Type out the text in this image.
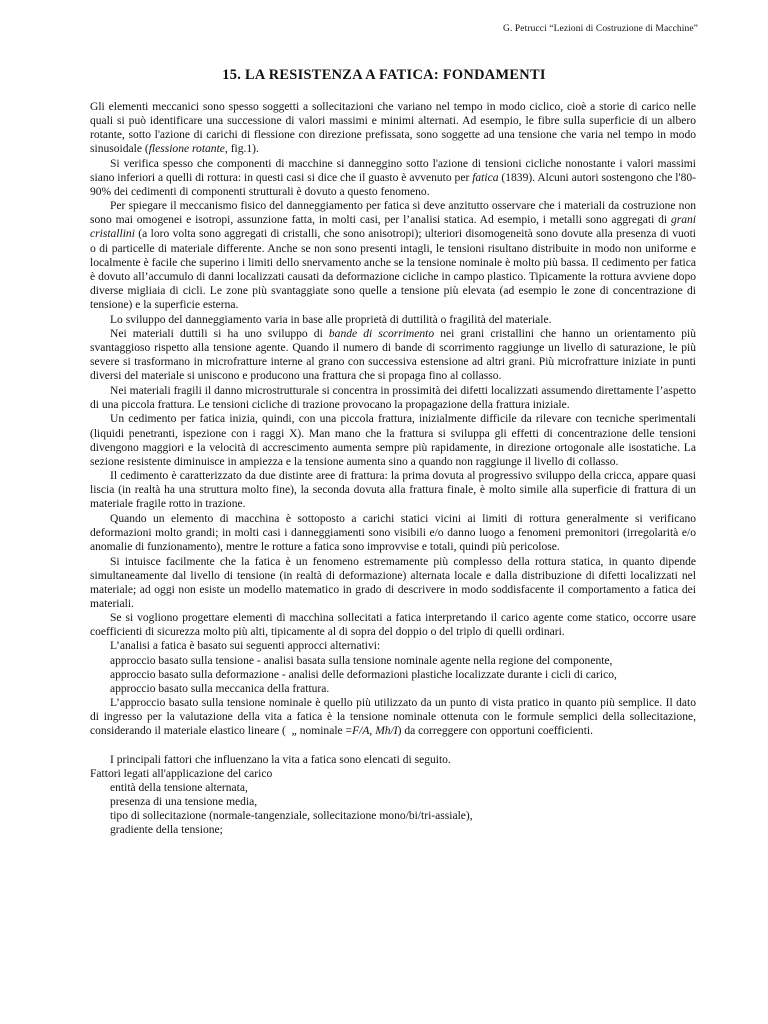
G. Petrucci “Lezioni di Costruzione di Macchine”
15. LA RESISTENZA A FATICA: FONDAMENTI

Gli elementi meccanici sono spesso soggetti a sollecitazioni che variano nel tempo in modo ciclico, cioè a storie di carico nelle quali si può identificare una successione di valori massimi e minimi alternati. Ad esempio, le fibre sulla superficie di un albero rotante, sotto l'azione di carichi di flessione con direzione prefissata, sono soggette ad una tensione che varia nel tempo in modo sinusoidale (flessione rotante, fig.1).

Si verifica spesso che componenti di macchine si danneggino sotto l'azione di tensioni cicliche nonostante i valori massimi siano inferiori a quelli di rottura: in questi casi si dice che il guasto è avvenuto per fatica (1839). Alcuni autori sostengono che l'80-90% dei cedimenti di componenti strutturali è dovuto a questo fenomeno.

Per spiegare il meccanismo fisico del danneggiamento per fatica si deve anzitutto osservare che i materiali da costruzione non sono mai omogenei e isotropi, assunzione fatta, in molti casi, per l’analisi statica. Ad esempio, i metalli sono aggregati di grani cristallini (a loro volta sono aggregati di cristalli, che sono anisotropi); ulteriori disomogeneità sono dovute alla presenza di vuoti o di particelle di materiale differente. Anche se non sono presenti intagli, le tensioni risultano distribuite in modo non uniforme e localmente è facile che superino i limiti dello snervamento anche se la tensione nominale è molto più bassa. Il cedimento per fatica è dovuto all’accumulo di danni localizzati causati da deformazione cicliche in campo plastico. Tipicamente la rottura avviene dopo diverse migliaia di cicli. Le zone più svantaggiate sono quelle a tensione più elevata (ad esempio le zone di concentrazione di tensione) e la superficie esterna.

Lo sviluppo del danneggiamento varia in base alle proprietà di duttilità o fragilità del materiale.

Nei materiali duttili si ha uno sviluppo di bande di scorrimento nei grani cristallini che hanno un orientamento più svantaggioso rispetto alla tensione agente. Quando il numero di bande di scorrimento raggiunge un livello di saturazione, le più severe si trasformano in microfratture interne al grano con successiva estensione ad altri grani. Più microfratture iniziate in punti diversi del materiale si uniscono e producono una frattura che si propaga fino al collasso.

Nei materiali fragili il danno microstrutturale si concentra in prossimità dei difetti localizzati assumendo direttamente l’aspetto di una piccola frattura. Le tensioni cicliche di trazione provocano la propagazione della frattura iniziale.

Un cedimento per fatica inizia, quindi, con una piccola frattura, inizialmente difficile da rilevare con tecniche sperimentali (liquidi penetranti, ispezione con i raggi X). Man mano che la frattura si sviluppa gli effetti di concentrazione delle tensioni divengono maggiori e la velocità di accrescimento aumenta sempre più rapidamente, in direzione ortogonale alle isostatiche. La sezione resistente diminuisce in ampiezza e la tensione aumenta sino a quando non raggiunge il livello di collasso.

Il cedimento è caratterizzato da due distinte aree di frattura: la prima dovuta al progressivo sviluppo della cricca, appare quasi liscia (in realtà ha una struttura molto fine), la seconda dovuta alla frattura finale, è molto simile alla superficie di frattura di un materiale fragile rotto in trazione.

Quando un elemento di macchina è sottoposto a carichi statici vicini ai limiti di rottura generalmente si verificano deformazioni molto grandi; in molti casi i danneggiamenti sono visibili e/o danno luogo a fenomeni premonitori (irregolarità e/o anomalie di funzionamento), mentre le rotture a fatica sono improvvise e totali, quindi più pericolose.

Si intuisce facilmente che la fatica è un fenomeno estremamente più complesso della rottura statica, in quanto dipende simultaneamente dal livello di tensione (in realtà di deformazione) alternata locale e dalla distribuzione di difetti localizzati nel materiale; ad oggi non esiste un modello matematico in grado di descrivere in modo soddisfacente il comportamento a fatica dei materiali.

Se si vogliono progettare elementi di macchina sollecitati a fatica interpretando il carico agente come statico, occorre usare coefficienti di sicurezza molto più alti, tipicamente al di sopra del doppio o del triplo di quelli ordinari.

L’analisi a fatica è basato sui seguenti approcci alternativi:

approccio basato sulla tensione - analisi basata sulla tensione nominale agente nella regione del componente,

approccio basato sulla deformazione - analisi delle deformazioni plastiche localizzate durante i cicli di carico,

approccio basato sulla meccanica della frattura.

L’approccio basato sulla tensione nominale è quello più utilizzato da un punto di vista pratico in quanto più semplice. Il dato di ingresso per la valutazione della vita a fatica è la tensione nominale ottenuta con le formule semplici della sollecitazione, considerando il materiale elastico lineare ( „ nominale =F/A, Mh/I) da correggere con opportuni coefficienti.

I principali fattori che influenzano la vita a fatica sono elencati di seguito.

Fattori legati all'applicazione del carico

entità della tensione alternata,

presenza di una tensione media,

tipo di sollecitazione (normale-tangenziale, sollecitazione mono/bi/tri-assiale),

gradiente della tensione;
